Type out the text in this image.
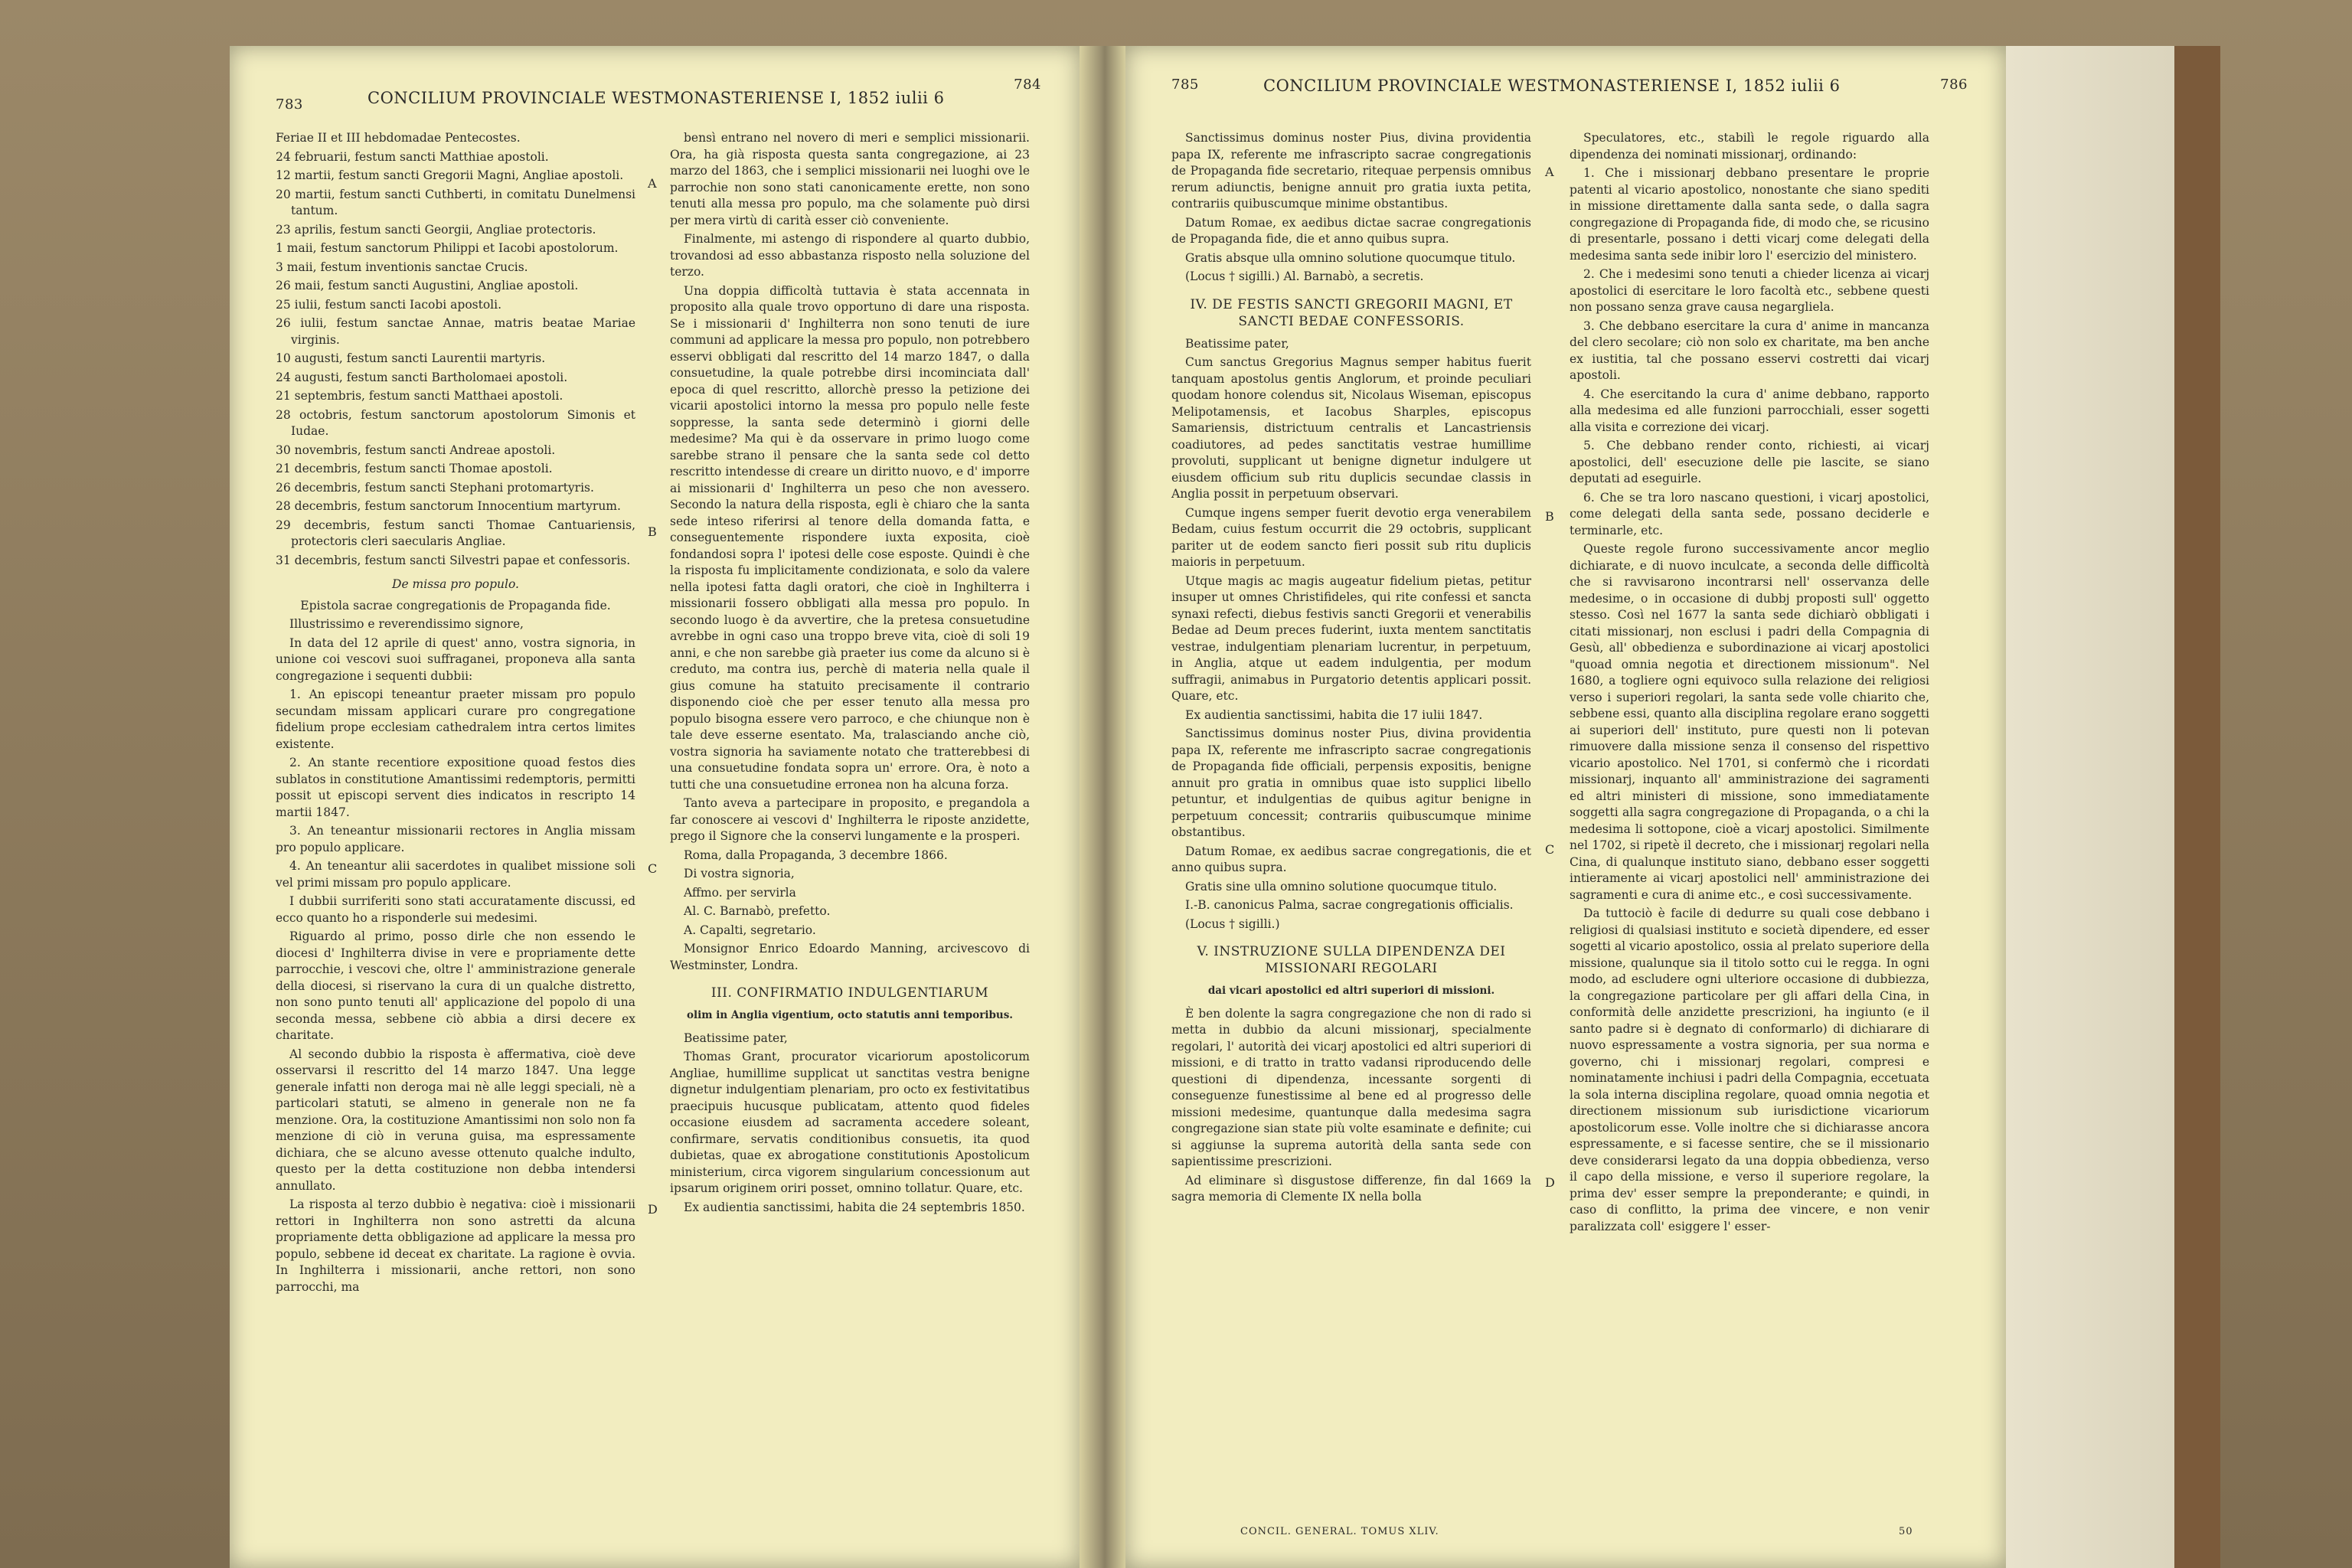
783	CONCILIUM PROVINCIALE WESTMONASTERIENSE I, 1852 iulii 6
784

Feriae II et III hebdomadae Pentecostes.

24 februarii, festum sancti Matthiae apostoli.

12 martii, festum sancti Gregorii Magni, Angliae apostoli.

20 martii, festum sancti Cuthberti, in comitatu Dunelmensi tantum.

23 aprilis, festum sancti Georgii, Angliae protectoris.

1 maii, festum sanctorum Philippi et Iacobi apostolorum.

3 maii, festum inventionis sanctae Crucis.

26 maii, festum sancti Augustini, Angliae apostoli.

25 iulii, festum sancti Iacobi apostoli.

26 iulii, festum sanctae Annae, matris beatae Mariae virginis.

10 augusti, festum sancti Laurentii martyris.

24 augusti, festum sancti Bartholomaei apostoli.

21 septembris, festum sancti Matthaei apostoli.

28 octobris, festum sanctorum apostolorum Simonis et Iudae.

30 novembris, festum sancti Andreae apostoli.

21 decembris, festum sancti Thomae apostoli.

26 decembris, festum sancti Stephani protomartyris.

28 decembris, festum sanctorum Innocentium martyrum.

29 decembris, festum sancti Thomae Cantuariensis, protectoris cleri saecularis Angliae.

31 decembris, festum sancti Silvestri papae et confessoris.

De missa pro populo.

Epistola sacrae congregationis de Propaganda fide.

Illustrissimo e reverendissimo signore,

In data del 12 aprile di quest' anno, vostra signoria, in unione coi vescovi suoi suffraganei, proponeva alla santa congregazione i sequenti dubbii:

1. An episcopi teneantur praeter missam pro populo secundam missam applicari curare pro congregatione fidelium prope ecclesiam cathedralem intra certos limites existente.

2. An stante recentiore expositione quoad festos dies sublatos in constitutione Amantissimi redemptoris, permitti possit ut episcopi servent dies indicatos in rescripto 14 martii 1847.

3. An teneantur missionarii rectores in Anglia missam pro populo applicare.

4. An teneantur alii sacerdotes in qualibet missione soli vel primi missam pro populo applicare.

I dubbii surriferiti sono stati accuratamente discussi, ed ecco quanto ho a risponderle sui medesimi.

Riguardo al primo, posso dirle che non essendo le diocesi d' Inghilterra divise in vere e propriamente dette parrocchie, i vescovi che, oltre l' amministrazione generale della diocesi, si riservano la cura di un qualche distretto, non sono punto tenuti all' applicazione del popolo di una seconda messa, sebbene ciò abbia a dirsi decere ex charitate.

Al secondo dubbio la risposta è affermativa, cioè deve osservarsi il rescritto del 14 marzo 1847. Una legge generale infatti non deroga mai nè alle leggi speciali, nè a particolari statuti, se almeno in generale non ne fa menzione. Ora, la costituzione Amantissimi non solo non fa menzione di ciò in veruna guisa, ma espressamente dichiara, che se alcuno avesse ottenuto qualche indulto, questo per la detta costituzione non debba intendersi annullato.

La risposta al terzo dubbio è negativa: cioè i missionarii rettori in Inghilterra non sono astretti da alcuna propriamente detta obbligazione ad applicare la messa pro populo, sebbene id deceat ex charitate. La ragione è ovvia. In Inghilterra i missionarii, anche rettori, non sono parrocchi, ma

A
B
C
D

bensì entrano nel novero di meri e semplici missionarii. Ora, ha già risposta questa santa congregazione, ai 23 marzo del 1863, che i semplici missionarii nei luoghi ove le parrochie non sono stati canonicamente erette, non sono tenuti alla messa pro populo, ma che solamente può dirsi per mera virtù di carità esser ciò conveniente.

Finalmente, mi astengo di rispondere al quarto dubbio, trovandosi ad esso abbastanza risposto nella soluzione del terzo.

Una doppia difficoltà tuttavia è stata accennata in proposito alla quale trovo opportuno di dare una risposta. Se i missionarii d' Inghilterra non sono tenuti de iure communi ad applicare la messa pro populo, non potrebbero esservi obbligati dal rescritto del 14 marzo 1847, o dalla consuetudine, la quale potrebbe dirsi incominciata dall' epoca di quel rescritto, allorchè presso la petizione dei vicarii apostolici intorno la messa pro populo nelle feste soppresse, la santa sede determinò i giorni delle medesime? Ma qui è da osservare in primo luogo come sarebbe strano il pensare che la santa sede col detto rescritto intendesse di creare un diritto nuovo, e d' imporre ai missionarii d' Inghilterra un peso che non avessero. Secondo la natura della risposta, egli è chiaro che la santa sede inteso riferirsi al tenore della domanda fatta, e conseguentemente rispondere iuxta exposita, cioè fondandosi sopra l' ipotesi delle cose esposte. Quindi è che la risposta fu implicitamente condizionata, e solo da valere nella ipotesi fatta dagli oratori, che cioè in Inghilterra i missionarii fossero obbligati alla messa pro populo. In secondo luogo è da avvertire, che la pretesa consuetudine avrebbe in ogni caso una troppo breve vita, cioè di soli 19 anni, e che non sarebbe già praeter ius come da alcuno si è creduto, ma contra ius, perchè di materia nella quale il gius comune ha statuito precisamente il contrario disponendo cioè che per esser tenuto alla messa pro populo bisogna essere vero parroco, e che chiunque non è tale deve esserne esentato. Ma, tralasciando anche ciò, vostra signoria ha saviamente notato che tratterebbesi di una consuetudine fondata sopra un' errore. Ora, è noto a tutti che una consuetudine erronea non ha alcuna forza.

Tanto aveva a partecipare in proposito, e pregandola a far conoscere ai vescovi d' Inghilterra le riposte anzidette, prego il Signore che la conservi lungamente e la prosperi.

Roma, dalla Propaganda, 3 decembre 1866.

Di vostra signoria,

Affmo. per servirla

Al. C. Barnabò, prefetto.

A. Capalti, segretario.

Monsignor Enrico Edoardo Manning, arcivescovo di Westminster, Londra.

III. CONFIRMATIO INDULGENTIARUM
olim in Anglia vigentium, octo statutis anni temporibus.

Beatissime pater,

Thomas Grant, procurator vicariorum apostolicorum Angliae, humillime supplicat ut sanctitas vestra benigne dignetur indulgentiam plenariam, pro octo ex festivitatibus praecipuis hucusque publicatam, attento quod fideles occasione eiusdem ad sacramenta accedere soleant, confirmare, servatis conditionibus consuetis, ita quod dubietas, quae ex abrogatione constitutionis Apostolicum ministerium, circa vigorem singularium concessionum aut ipsarum originem oriri posset, omnino tollatur. Quare, etc.

Ex audientia sanctissimi, habita die 24 septembris 1850.

785	CONCILIUM PROVINCIALE WESTMONASTERIENSE I, 1852 iulii 6	786

Sanctissimus dominus noster Pius, divina providentia papa IX, referente me infrascripto sacrae congregationis de Propaganda fide secretario, ritequae perpensis omnibus rerum adiunctis, benigne annuit pro gratia iuxta petita, contrariis quibuscumque minime obstantibus.

Datum Romae, ex aedibus dictae sacrae congregationis de Propaganda fide, die et anno quibus supra.

Gratis absque ulla omnino solutione quocumque titulo.

(Locus † sigilli.) Al. Barnabò, a secretis.

IV. DE FESTIS SANCTI GREGORII MAGNI, ET SANCTI BEDAE CONFESSORIS.

Beatissime pater,

Cum sanctus Gregorius Magnus semper habitus fuerit tanquam apostolus gentis Anglorum, et proinde peculiari quodam honore colendus sit, Nicolaus Wiseman, episcopus Melipotamensis, et Iacobus Sharples, episcopus Samariensis, districtuum centralis et Lancastriensis coadiutores, ad pedes sanctitatis vestrae humillime provoluti, supplicant ut benigne dignetur indulgere ut eiusdem officium sub ritu duplicis secundae classis in Anglia possit in perpetuum observari.

Cumque ingens semper fuerit devotio erga venerabilem Bedam, cuius festum occurrit die 29 octobris, supplicant pariter ut de eodem sancto fieri possit sub ritu duplicis maioris in perpetuum.

Utque magis ac magis augeatur fidelium pietas, petitur insuper ut omnes Christifideles, qui rite confessi et sancta synaxi refecti, diebus festivis sancti Gregorii et venerabilis Bedae ad Deum preces fuderint, iuxta mentem sanctitatis vestrae, indulgentiam plenariam lucrentur, in perpetuum, in Anglia, atque ut eadem indulgentia, per modum suffragii, animabus in Purgatorio detentis applicari possit. Quare, etc.

Ex audientia sanctissimi, habita die 17 iulii 1847.

Sanctissimus dominus noster Pius, divina providentia papa IX, referente me infrascripto sacrae congregationis de Propaganda fide officiali, perpensis expositis, benigne annuit pro gratia in omnibus quae isto supplici libello petuntur, et indulgentias de quibus agitur benigne in perpetuum concessit; contrariis quibuscumque minime obstantibus.

Datum Romae, ex aedibus sacrae congregationis, die et anno quibus supra.

Gratis sine ulla omnino solutione quocumque titulo.

I.-B. canonicus Palma, sacrae congregationis officialis.

(Locus † sigilli.)

V. INSTRUZIONE SULLA DIPENDENZA DEI MISSIONARI REGOLARI
dai vicari apostolici ed altri superiori di missioni.

È ben dolente la sagra congregazione che non di rado si metta in dubbio da alcuni missionarj, specialmente regolari, l' autorità dei vicarj apostolici ed altri superiori di missioni, e di tratto in tratto vadansi riproducendo delle questioni di dipendenza, incessante sorgenti di conseguenze funestissime al bene ed al progresso delle missioni medesime, quantunque dalla medesima sagra congregazione sian state più volte esaminate e definite; cui si aggiunse la suprema autorità della santa sede con sapientissime prescrizioni.

Ad eliminare sì disgustose differenze, fin dal 1669 la sagra memoria di Clemente IX nella bolla

A
B
C
D

Speculatores, etc., stabilì le regole riguardo alla dipendenza dei nominati missionarj, ordinando:

1. Che i missionarj debbano presentare le proprie patenti al vicario apostolico, nonostante che siano spediti in missione direttamente dalla santa sede, o dalla sagra congregazione di Propaganda fide, di modo che, se ricusino di presentarle, possano i detti vicarj come delegati della medesima santa sede inibir loro l' esercizio del ministero.

2. Che i medesimi sono tenuti a chieder licenza ai vicarj apostolici di esercitare le loro facoltà etc., sebbene questi non possano senza grave causa negargliela.

3. Che debbano esercitare la cura d' anime in mancanza del clero secolare; ciò non solo ex charitate, ma ben anche ex iustitia, tal che possano esservi costretti dai vicarj apostoli.

4. Che esercitando la cura d' anime debbano, rapporto alla medesima ed alle funzioni parrocchiali, esser sogetti alla visita e correzione dei vicarj.

5. Che debbano render conto, richiesti, ai vicarj apostolici, dell' esecuzione delle pie lascite, se siano deputati ad eseguirle.

6. Che se tra loro nascano questioni, i vicarj apostolici, come delegati della santa sede, possano deciderle e terminarle, etc.

Queste regole furono successivamente ancor meglio dichiarate, e di nuovo inculcate, a seconda delle difficoltà che si ravvisarono incontrarsi nell' osservanza delle medesime, o in occasione di dubbj proposti sull' oggetto stesso. Così nel 1677 la santa sede dichiarò obbligati i citati missionarj, non esclusi i padri della Compagnia di Gesù, all' obbedienza e subordinazione ai vicarj apostolici "quoad omnia negotia et directionem missionum". Nel 1680, a togliere ogni equivoco sulla relazione dei religiosi verso i superiori regolari, la santa sede volle chiarito che, sebbene essi, quanto alla disciplina regolare erano soggetti ai superiori dell' instituto, pure questi non li potevan rimuovere dalla missione senza il consenso del rispettivo vicario apostolico. Nel 1701, si confermò che i ricordati missionarj, inquanto all' amministrazione dei sagramenti ed altri ministeri di missione, sono immediatamente soggetti alla sagra congregazione di Propaganda, o a chi la medesima li sottopone, cioè a vicarj apostolici. Similmente nel 1702, si ripetè il decreto, che i missionarj regolari nella Cina, di qualunque instituto siano, debbano esser soggetti intieramente ai vicarj apostolici nell' amministrazione dei sagramenti e cura di anime etc., e così successivamente.

Da tuttociò è facile di dedurre su quali cose debbano i religiosi di qualsiasi instituto e società dipendere, ed esser sogetti al vicario apostolico, ossia al prelato superiore della missione, qualunque sia il titolo sotto cui le regga. In ogni modo, ad escludere ogni ulteriore occasione di dubbiezza, la congregazione particolare per gli affari della Cina, in conformità delle anzidette prescrizioni, ha ingiunto (e il santo padre si è degnato di conformarlo) di dichiarare di nuovo espressamente a vostra signoria, per sua norma e governo, chi i missionarj regolari, compresi e nominatamente inchiusi i padri della Compagnia, eccetuata la sola interna disciplina regolare, quoad omnia negotia et directionem missionum sub iurisdictione vicariorum apostolicorum esse. Volle inoltre che si dichiarasse ancora espressamente, e si facesse sentire, che se il missionario deve considerarsi legato da una doppia obbedienza, verso il capo della missione, e verso il superiore regolare, la prima dev' esser sempre la preponderante; e quindi, in caso di conflitto, la prima dee vincere, e non venir paralizzata coll' esiggere l' esser-

CONCIL. GENERAL. TOMUS XLIV.	50
